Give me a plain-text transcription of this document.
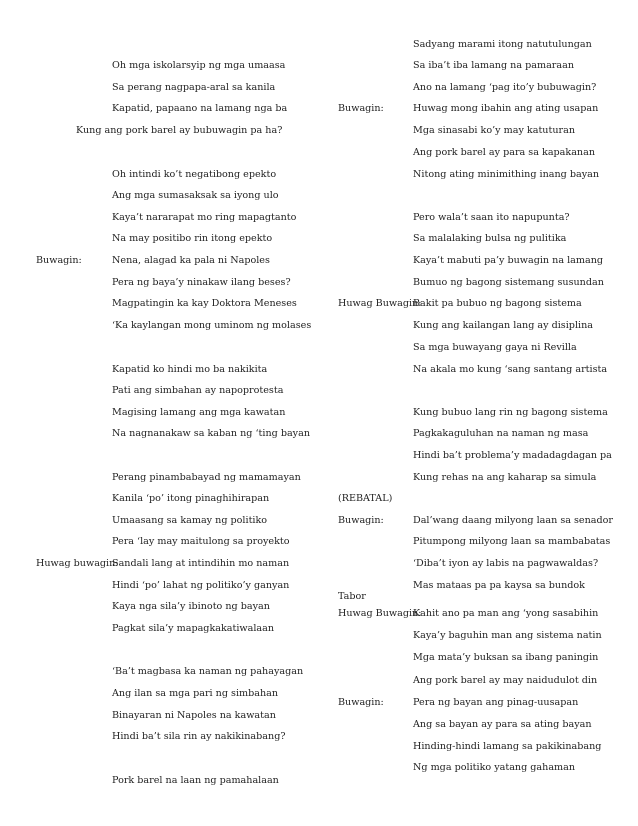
Oh mga iskolarsyip ng mga umaasa
Sa perang nagpapa-aral sa kanila
Kapatid, papaano na lamang nga ba
Kung ang pork barel ay bubuwagin pa ha?
Oh intindi ko’t negatibong epekto
Ang mga sumasaksak sa iyong ulo
Kaya’t nararapat mo ring mapagtanto
Na may positibo rin itong epekto
Buwagin:	Nena, alagad ka pala ni Napoles
Pera ng baya’y ninakaw ilang beses?
Magpatingin ka kay Doktora Meneses
‘Ka kaylangan mong uminom ng molases
Kapatid ko hindi mo ba nakikita
Pati ang simbahan ay napoprotesta
Magising lamang ang mga kawatan
Na nagnanakaw sa kaban ng ‘ting bayan
Perang pinambabayad ng mamamayan
Kanila ‘po’ itong pinaghihirapan
Umaasang sa kamay ng politiko
Pera ‘lay may maitulong sa proyekto
Huwag buwagin:
Sandali lang at intindihin mo naman
Hindi ‘po’ lahat ng politiko’y ganyan
Kaya nga sila’y ibinoto ng bayan
Pagkat sila’y mapagkakatiwalaan
‘Ba’t magbasa ka naman ng pahayagan
Ang ilan sa mga pari ng simbahan
Binayaran ni Napoles na kawatan
Hindi ba’t sila rin ay nakikinabang?
Pork barel na laan ng pamahalaan
Sadyang marami itong natutulungan
Sa iba’t iba lamang na pamaraan
Ano na lamang ‘pag ito’y bubuwagin?
Buwagin:	Huwag mong ibahin ang ating usapan
Mga sinasabi ko’y may katuturan
Ang pork barel ay para sa kapakanan
Nitong ating minimithing inang bayan
Pero wala’t saan ito napupunta?
Sa malalaking bulsa ng pulitika
Kaya’t mabuti pa’y buwagin na lamang
Bumuo ng bagong sistemang susundan
Huwag Buwagin:
Bakit pa bubuo ng bagong sistema
Kung ang kailangan lang ay disiplina
Sa mga buwayang gaya ni Revilla
Na akala mo kung ‘sang santang artista
Kung bubuo lang rin ng bagong sistema
Pagkakaguluhan na naman ng masa
Hindi ba’t problema’y madadagdagan pa
Kung rehas na ang kaharap sa simula
(REBATAL)
Buwagin:	Dal’wang daang milyong laan sa senador
Pitumpong milyong laan sa mambabatas
‘Diba’t iyon ay labis na pagwawaldas?
Mas mataas pa pa kaysa sa bundok
Tabor
Huwag Buwagin:
Kahit ano pa man ang ‘yong sasabihin
Kaya’y baguhin man ang sistema natin
Mga mata’y buksan sa ibang paningin
Ang pork barel ay may naidudulot din
Buwagin:	Pera ng bayan ang pinag-uusapan
Ang sa bayan ay para sa ating bayan
Hinding-hindi lamang sa pakikinabang
Ng mga politiko yatang gahaman
